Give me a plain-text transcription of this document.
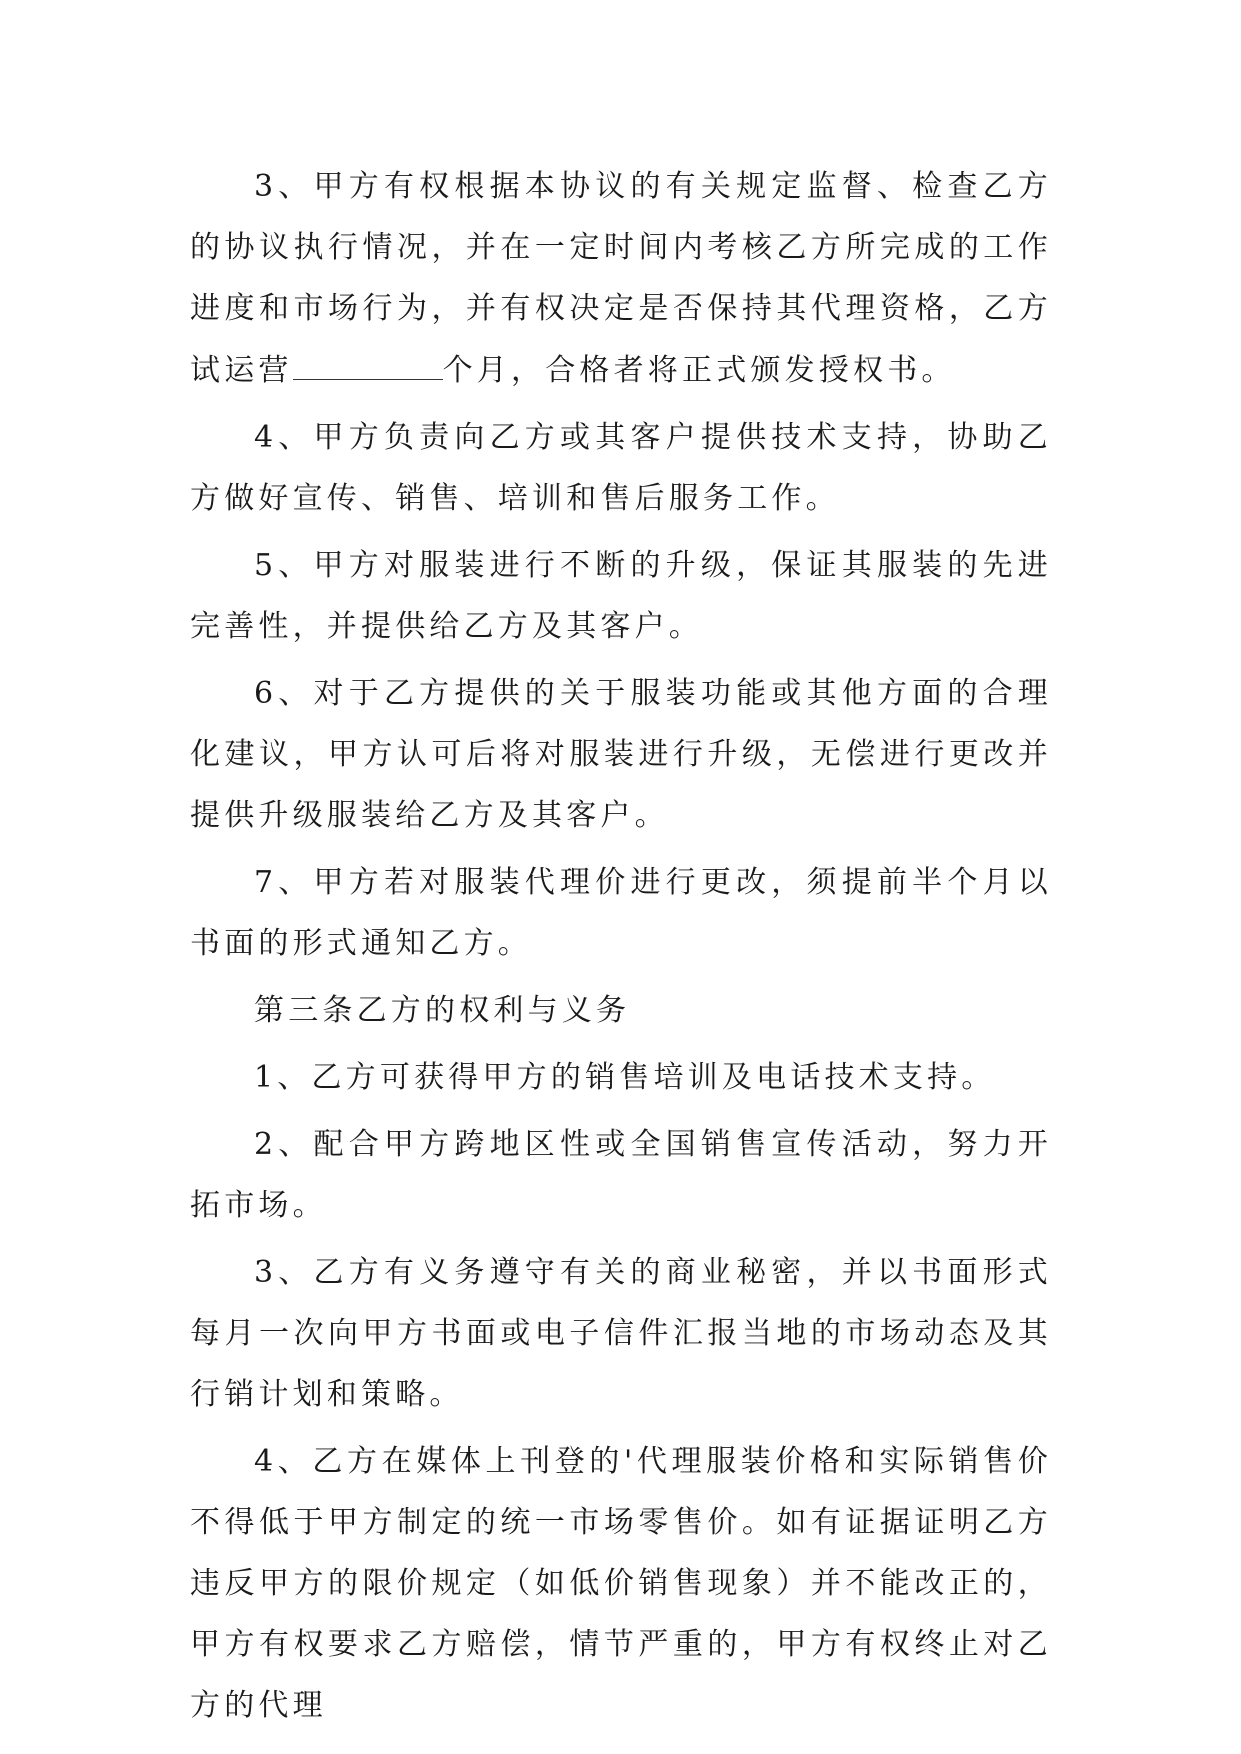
3、甲方有权根据本协议的有关规定监督、检查乙方的协议执行情况，并在一定时间内考核乙方所完成的工作进度和市场行为，并有权决定是否保持其代理资格，乙方试运营	个月，合格者将正式颁发授权书。

4、甲方负责向乙方或其客户提供技术支持，协助乙方做好宣传、销售、培训和售后服务工作。

5、甲方对服装进行不断的升级，保证其服装的先进完善性，并提供给乙方及其客户。

6、对于乙方提供的关于服装功能或其他方面的合理化建议，甲方认可后将对服装进行升级，无偿进行更改并提供升级服装给乙方及其客户。

7、甲方若对服装代理价进行更改，须提前半个月以书面的形式通知乙方。

第三条乙方的权利与义务

1、乙方可获得甲方的销售培训及电话技术支持。

2、配合甲方跨地区性或全国销售宣传活动，努力开拓市场。

3、乙方有义务遵守有关的商业秘密，并以书面形式每月一次向甲方书面或电子信件汇报当地的市场动态及其行销计划和策略。

4、乙方在媒体上刊登的'代理服装价格和实际销售价不得低于甲方制定的统一市场零售价。如有证据证明乙方违反甲方的限价规定（如低价销售现象）并不能改正的，甲方有权要求乙方赔偿，情节严重的，甲方有权终止对乙方的代理
